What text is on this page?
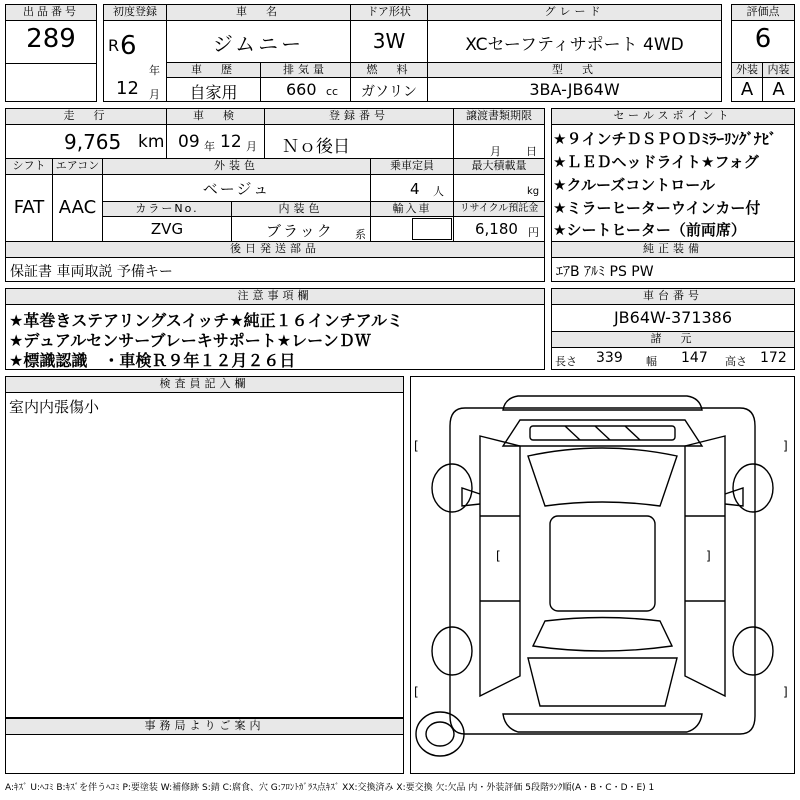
出品番号
289
初度登録
R 6
年
12 月
車　名
ジムニー
ドア形状
3W
グレード
XCセーフティサポート 4WD
評価点
6
車　歴
自家用
排気量
660 cc
燃　料
ガソリン
型　式
3BA-JB64W
外装 内装
A	A
走　行
9,765 km
車　検
09 年 12 月
登録番号
Ｎｏ後日
譲渡書類期限
月 日
シフト エアコン
FAT AAC
外装色
ベージュ
乗車定員
4 人
最大積載量
kg
カラーNo.
ZVG
内装色
ブラック 系
輸入車	リサイクル預託金
6,180 円
後日発送部品
保証書 車両取説 予備キー
セールスポイント
★９インチＤＳＰＯＤﾐﾗｰﾘﾝｸﾞﾅﾋﾞ
★ＬＥＤヘッドライト★フォグ
★クルーズコントロール
★ミラーヒーターウインカー付
★シートヒーター（前両席）
純正装備
ｴｱB ｱﾙﾐ PS PW
注意事項欄
★革巻きステアリングスイッチ★純正１６インチアルミ
★デュアルセンサーブレーキサポート★レーンＤＷ
★標識認識　・車検Ｒ９年１２月２６日
車台番号
JB64W-371386
諸　元
長さ 339 幅 147 高さ 172
検査員記入欄
室内内張傷小
事務局よりご案内
[	]
[	]
[	]
A:ｷｽﾞ U:ﾍｺﾐ B:ｷｽﾞを伴うﾍｺﾐ P:要塗装 W:補修跡 S:錆 C:腐食、穴 G:ﾌﾛﾝﾄｶﾞﾗｽ点ｷｽﾞ XX:交換済み X:要交換 欠:欠品 内・外装評価 5段階ﾗﾝｸ順(A・B・C・D・E) 1
